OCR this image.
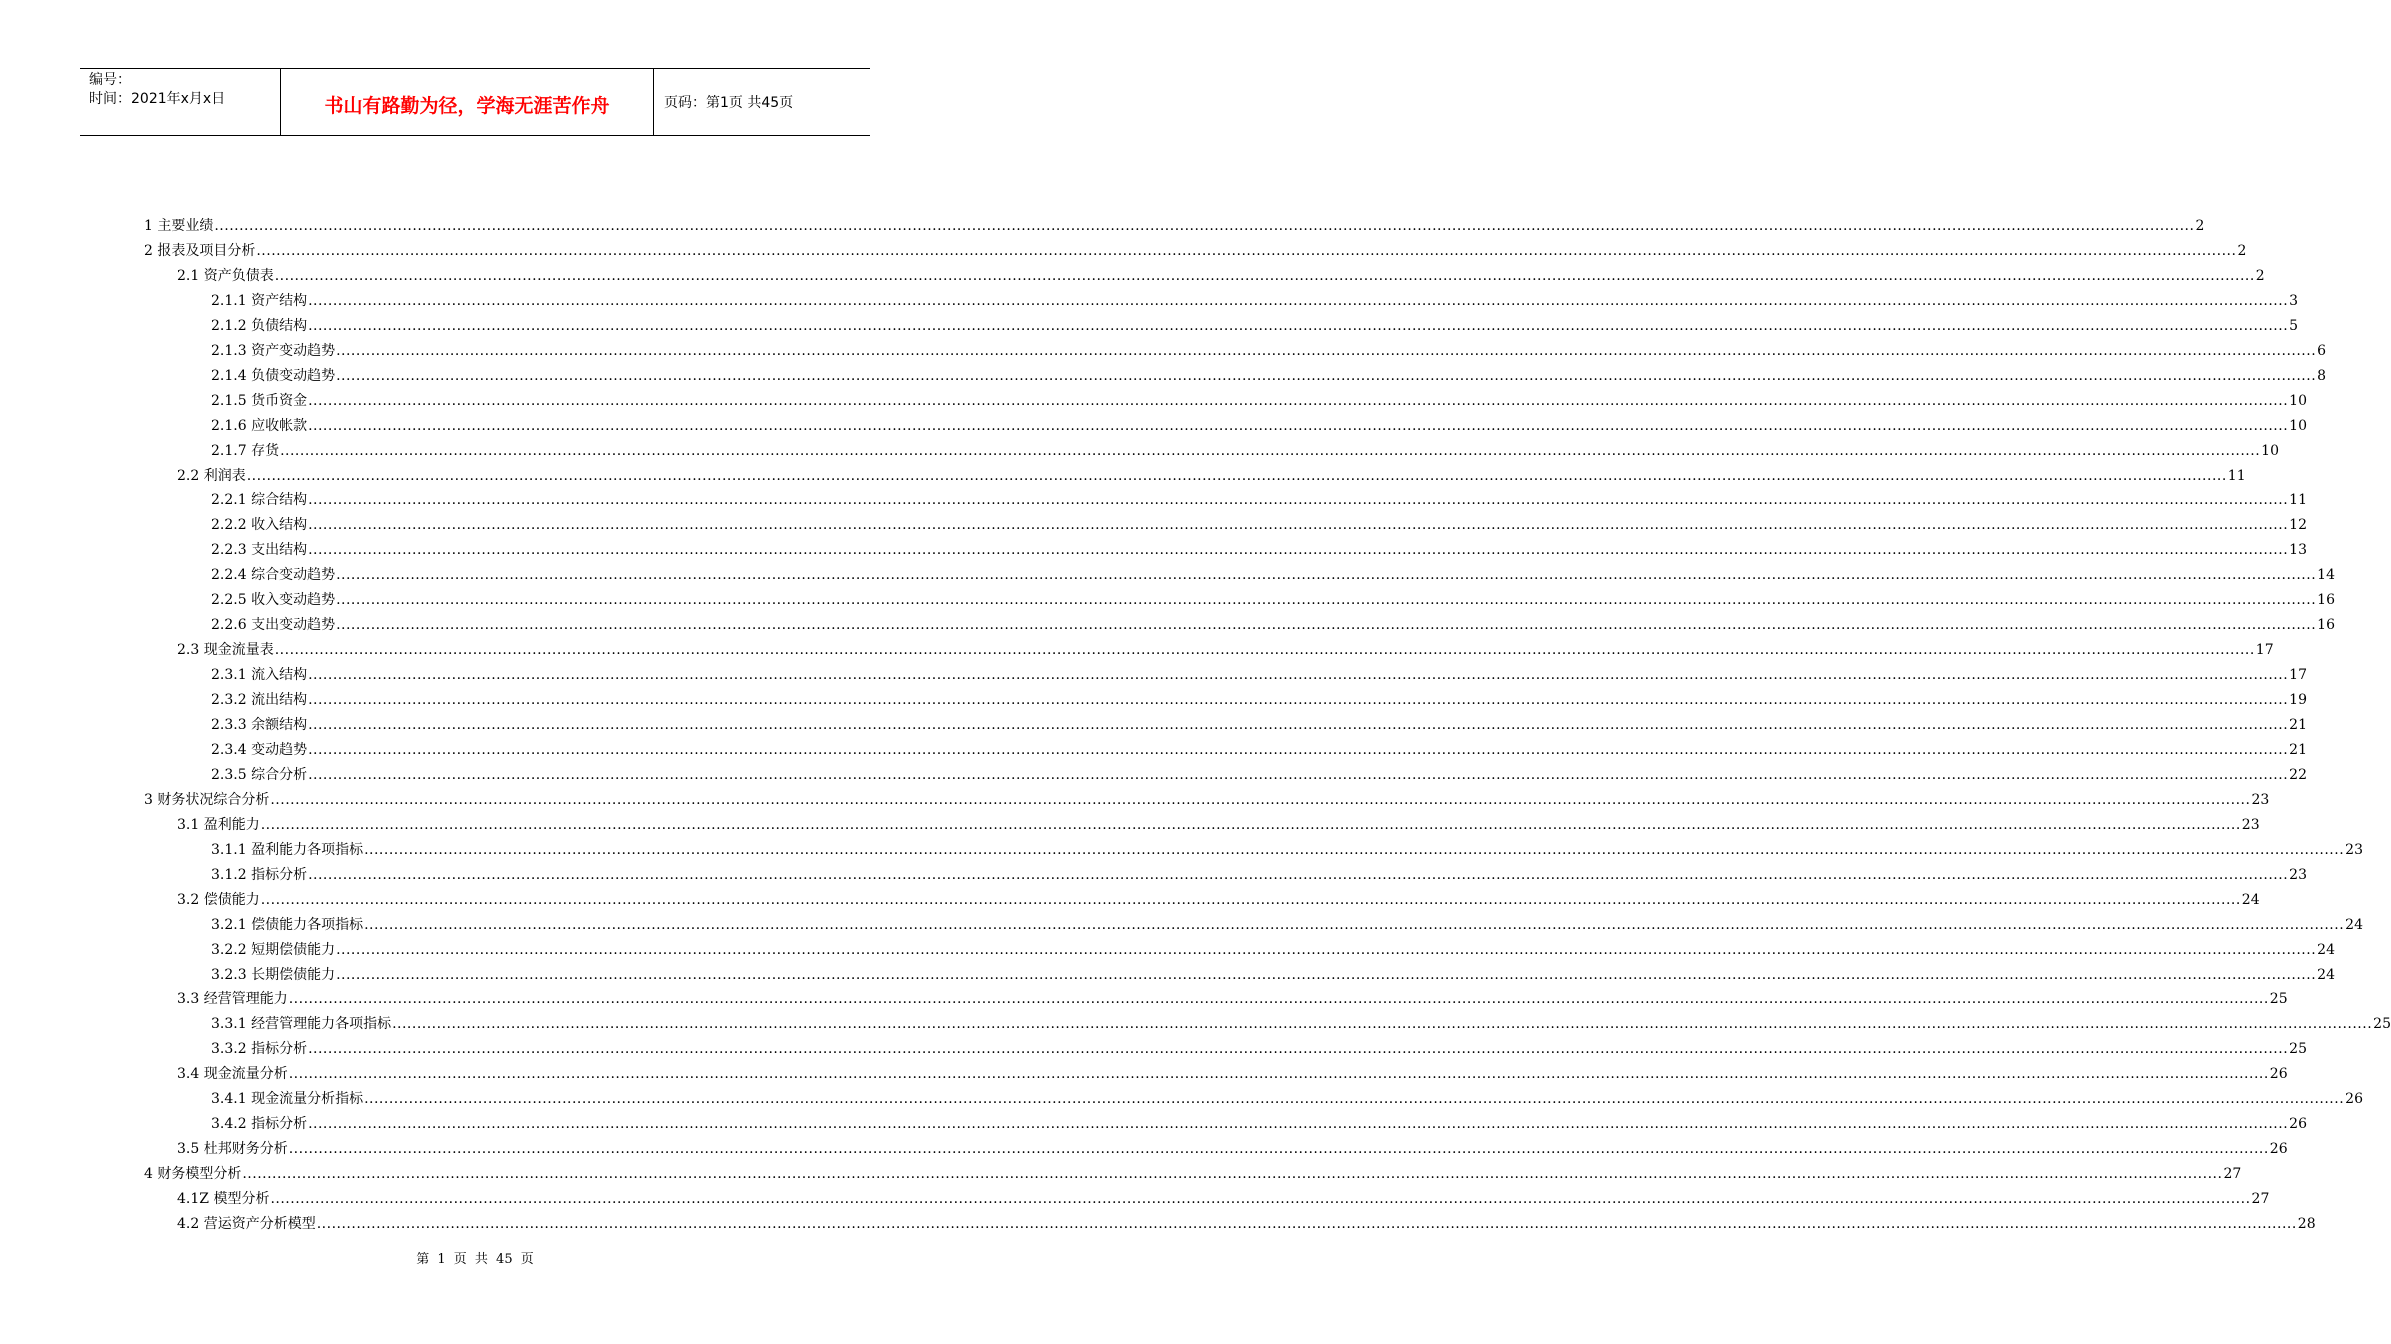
编号：
时间：2021年x月x日	书山有路勤为径，学海无涯苦作舟	页码：第1页 共45页
1 主要业绩 ................................................................................................................................................................................................................................................................................................................................................................................................................ 2
2 报表及项目分析 ................................................................................................................................................................................................................................................................................................................................................................................................................ 2
2.1 资产负债表 ................................................................................................................................................................................................................................................................................................................................................................................................................ 2
2.1.1 资产结构 ................................................................................................................................................................................................................................................................................................................................................................................................................ 3
2.1.2 负债结构 ................................................................................................................................................................................................................................................................................................................................................................................................................ 5
2.1.3 资产变动趋势 ................................................................................................................................................................................................................................................................................................................................................................................................................ 6
2.1.4 负债变动趋势 ................................................................................................................................................................................................................................................................................................................................................................................................................ 8
2.1.5 货币资金 ................................................................................................................................................................................................................................................................................................................................................................................................................ 10
2.1.6 应收帐款 ................................................................................................................................................................................................................................................................................................................................................................................................................ 10
2.1.7 存货 ................................................................................................................................................................................................................................................................................................................................................................................................................ 10
2.2 利润表 ................................................................................................................................................................................................................................................................................................................................................................................................................ 11
2.2.1 综合结构 ................................................................................................................................................................................................................................................................................................................................................................................................................ 11
2.2.2 收入结构 ................................................................................................................................................................................................................................................................................................................................................................................................................ 12
2.2.3 支出结构 ................................................................................................................................................................................................................................................................................................................................................................................................................ 13
2.2.4 综合变动趋势 ................................................................................................................................................................................................................................................................................................................................................................................................................ 14
2.2.5 收入变动趋势 ................................................................................................................................................................................................................................................................................................................................................................................................................ 16
2.2.6 支出变动趋势 ................................................................................................................................................................................................................................................................................................................................................................................................................ 16
2.3 现金流量表 ................................................................................................................................................................................................................................................................................................................................................................................................................ 17
2.3.1 流入结构 ................................................................................................................................................................................................................................................................................................................................................................................................................ 17
2.3.2 流出结构 ................................................................................................................................................................................................................................................................................................................................................................................................................ 19
2.3.3 余额结构 ................................................................................................................................................................................................................................................................................................................................................................................................................ 21
2.3.4 变动趋势 ................................................................................................................................................................................................................................................................................................................................................................................................................ 21
2.3.5 综合分析 ................................................................................................................................................................................................................................................................................................................................................................................................................ 22
3 财务状况综合分析 ................................................................................................................................................................................................................................................................................................................................................................................................................ 23
3.1 盈利能力 ................................................................................................................................................................................................................................................................................................................................................................................................................ 23
3.1.1 盈利能力各项指标 ................................................................................................................................................................................................................................................................................................................................................................................................................ 23
3.1.2 指标分析 ................................................................................................................................................................................................................................................................................................................................................................................................................ 23
3.2 偿债能力 ................................................................................................................................................................................................................................................................................................................................................................................................................ 24
3.2.1 偿债能力各项指标 ................................................................................................................................................................................................................................................................................................................................................................................................................ 24
3.2.2 短期偿债能力 ................................................................................................................................................................................................................................................................................................................................................................................................................ 24
3.2.3 长期偿债能力 ................................................................................................................................................................................................................................................................................................................................................................................................................ 24
3.3 经营管理能力 ................................................................................................................................................................................................................................................................................................................................................................................................................ 25
3.3.1 经营管理能力各项指标 ................................................................................................................................................................................................................................................................................................................................................................................................................ 25
3.3.2 指标分析 ................................................................................................................................................................................................................................................................................................................................................................................................................ 25
3.4 现金流量分析 ................................................................................................................................................................................................................................................................................................................................................................................................................ 26
3.4.1 现金流量分析指标 ................................................................................................................................................................................................................................................................................................................................................................................................................ 26
3.4.2 指标分析 ................................................................................................................................................................................................................................................................................................................................................................................................................ 26
3.5 杜邦财务分析 ................................................................................................................................................................................................................................................................................................................................................................................................................ 26
4 财务模型分析 ................................................................................................................................................................................................................................................................................................................................................................................................................ 27
4.1Z 模型分析 ................................................................................................................................................................................................................................................................................................................................................................................................................ 27
4.2 营运资产分析模型 ................................................................................................................................................................................................................................................................................................................................................................................................................ 28
第 1 页 共 45 页
